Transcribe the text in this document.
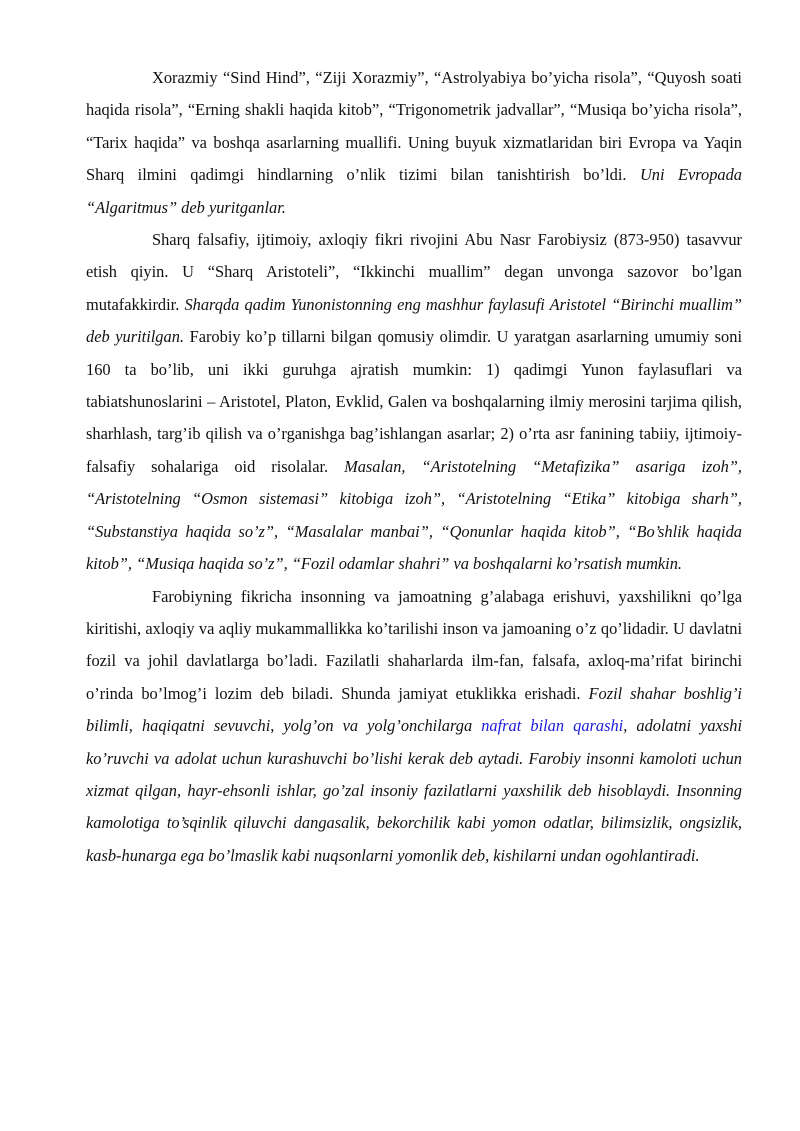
Xorazmiy “Sind Hind”, “Ziji Xorazmiy”, “Astrolyabiya bo’yicha risola”, “Quyosh soati haqida risola”, “Erning shakli haqida kitob”, “Trigonometrik jadvallar”, “Musiqa bo’yicha risola”, “Tarix haqida” va boshqa asarlarning muallifi. Uning buyuk xizmatlaridan biri Evropa va Yaqin Sharq ilmini qadimgi hindlarning o’nlik tizimi bilan tanishtirish bo’ldi. Uni Evropada “Algaritmus” deb yuritganlar.

Sharq falsafiy, ijtimoiy, axloqiy fikri rivojini Abu Nasr Farobiysiz (873-950) tasavvur etish qiyin. U “Sharq Aristoteli”, “Ikkinchi muallim” degan unvonga sazovor bo’lgan mutafakkirdir. Sharqda qadim Yunonistonning eng mashhur faylasufi Aristotel “Birinchi muallim” deb yuritilgan. Farobiy ko’p tillarni bilgan qomusiy olimdir. U yaratgan asarlarning umumiy soni 160 ta bo’lib, uni ikki guruhga ajratish mumkin: 1) qadimgi Yunon faylasuflari va tabiatshunoslarini – Aristotel, Platon, Evklid, Galen va boshqalarning ilmiy merosini tarjima qilish, sharhlash, targ’ib qilish va o’rganishga bag’ishlangan asarlar; 2) o’rta asr fanining tabiiy, ijtimoiy-falsafiy sohalariga oid risolalar. Masalan, “Aristotelning “Metafizika” asariga izoh”, “Aristotelning “Osmon sistemasi” kitobiga izoh”, “Aristotelning “Etika” kitobiga sharh”, “Substanstiya haqida so’z”, “Masalalar manbai”, “Qonunlar haqida kitob”, “Bo’shlik haqida kitob”, “Musiqa haqida so’z”, “Fozil odamlar shahri” va boshqalarni ko’rsatish mumkin.

Farobiyning fikricha insonning va jamoatning g’alabaga erishuvi, yaxshilikni qo’lga kiritishi, axloqiy va aqliy mukammallikka ko’tarilishi inson va jamoaning o’z qo’lidadir. U davlatni fozil va johil davlatlarga bo’ladi. Fazilatli shaharlarda ilm-fan, falsafa, axloq-ma’rifat birinchi o’rinda bo’lmog’i lozim deb biladi. Shunda jamiyat etuklikka erishadi. Fozil shahar boshlig’i bilimli, haqiqatni sevuvchi, yolg’on va yolg’onchilarga nafrat bilan qarashi, adolatni yaxshi ko’ruvchi va adolat uchun kurashuvchi bo’lishi kerak deb aytadi. Farobiy insonni kamoloti uchun xizmat qilgan, hayr-ehsonli ishlar, go’zal insoniy fazilatlarni yaxshilik deb hisoblaydi. Insonning kamolotiga to’sqinlik qiluvchi dangasalik, bekorchilik kabi yomon odatlar, bilimsizlik, ongsizlik, kasb-hunarga ega bo’lmaslik kabi nuqsonlarni yomonlik deb, kishilarni undan ogohlantiradi.
